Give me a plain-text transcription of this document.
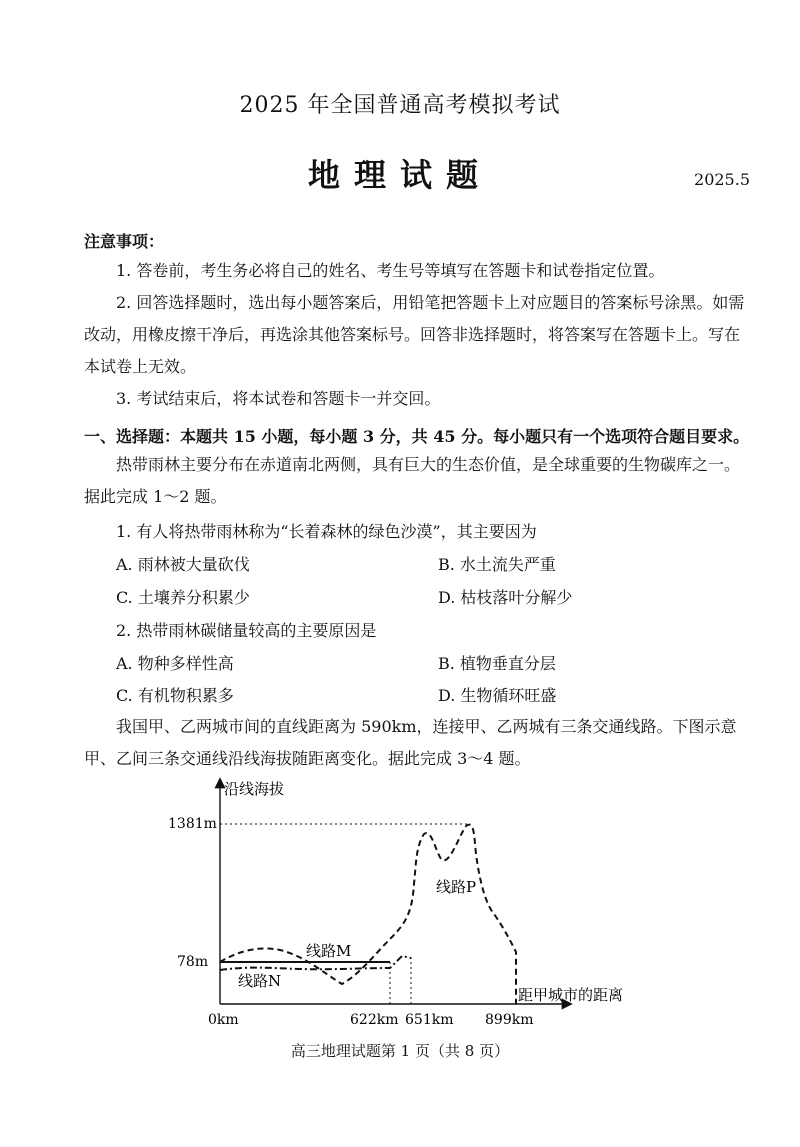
2025 年全国普通高考模拟考试
地理试题	2025.5
注意事项：
1. 答卷前，考生务必将自己的姓名、考生号等填写在答题卡和试卷指定位置。
2. 回答选择题时，选出每小题答案后，用铅笔把答题卡上对应题目的答案标号涂黑。如需改动，用橡皮擦干净后，再选涂其他答案标号。回答非选择题时，将答案写在答题卡上。写在本试卷上无效。
3. 考试结束后，将本试卷和答题卡一并交回。
一、选择题：本题共 15 小题，每小题 3 分，共 45 分。每小题只有一个选项符合题目要求。
热带雨林主要分布在赤道南北两侧，具有巨大的生态价值，是全球重要的生物碳库之一。据此完成 1～2 题。
1. 有人将热带雨林称为“长着森林的绿色沙漠”，其主要因为
A. 雨林被大量砍伐	B. 水土流失严重
C. 土壤养分积累少	D. 枯枝落叶分解少
2. 热带雨林碳储量较高的主要原因是
A. 物种多样性高	B. 植物垂直分层
C. 有机物积累多	D. 生物循环旺盛
我国甲、乙两城市间的直线距离为 590km，连接甲、乙两城有三条交通线路。下图示意甲、乙间三条交通线沿线海拔随距离变化。据此完成 3～4 题。
沿线海拔
距甲城市的距离
1381m
78m
0km	622km 651km 899km
线路M
线路N
线路P
高三地理试题第 1 页（共 8 页）
